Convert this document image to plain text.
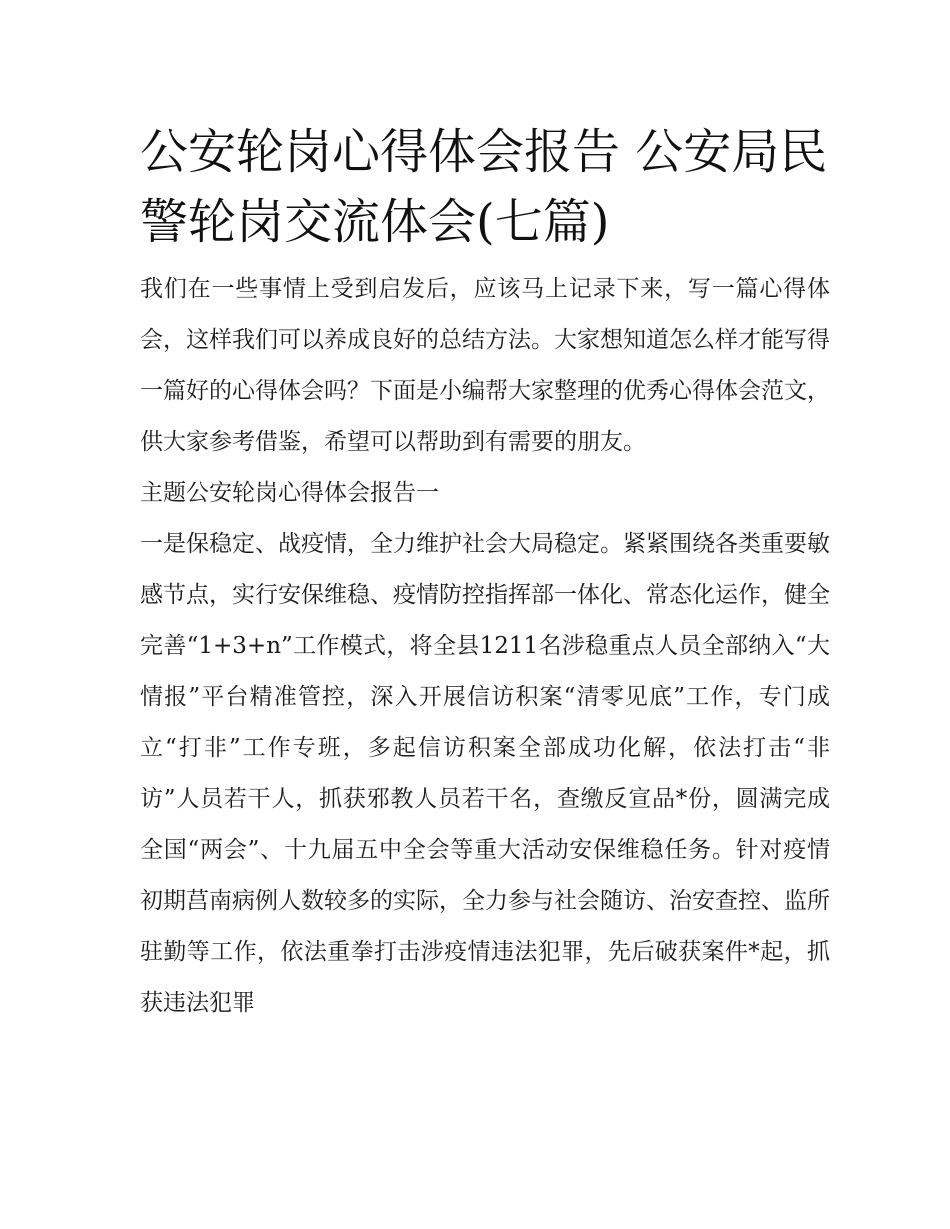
公安轮岗心得体会报告 公安局民警轮岗交流体会(七篇)

我们在一些事情上受到启发后，应该马上记录下来，写一篇心得体会，这样我们可以养成良好的总结方法。大家想知道怎么样才能写得一篇好的心得体会吗？下面是小编帮大家整理的优秀心得体会范文，供大家参考借鉴，希望可以帮助到有需要的朋友。

主题公安轮岗心得体会报告一

一是保稳定、战疫情，全力维护社会大局稳定。紧紧围绕各类重要敏感节点，实行安保维稳、疫情防控指挥部一体化、常态化运作，健全完善“1+3+n”工作模式，将全县1211名涉稳重点人员全部纳入“大情报”平台精准管控，深入开展信访积案“清零见底”工作，专门成立“打非”工作专班，多起信访积案全部成功化解，依法打击“非访”人员若干人，抓获邪教人员若干名，查缴反宣品*份，圆满完成全国“两会”、十九届五中全会等重大活动安保维稳任务。针对疫情初期莒南病例人数较多的实际，全力参与社会随访、治安查控、监所驻勤等工作，依法重拳打击涉疫情违法犯罪，先后破获案件*起，抓获违法犯罪
